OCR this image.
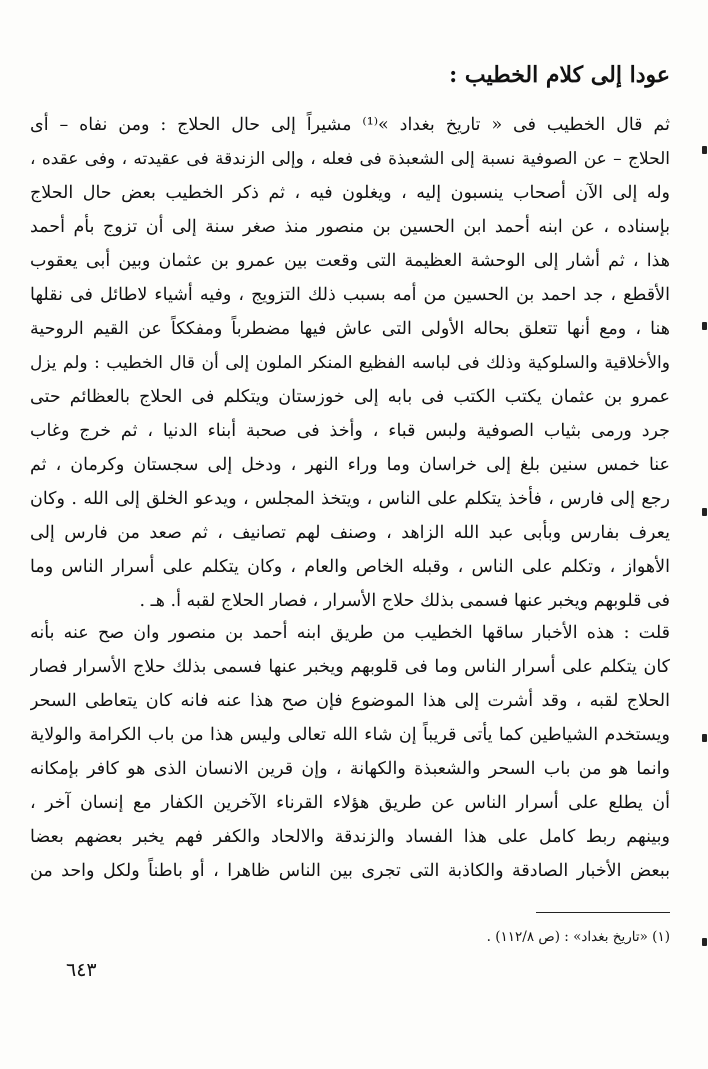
عودا إلى كلام الخطيب :
ثم قال الخطيب فى « تاريخ بغداد »⁽¹⁾ مشيراً إلى حال الحلاج : ومن نفاه – أى
الحلاج – عن الصوفية نسبة إلى الشعبذة فى فعله ، وإلى الزندقة فى عقيدته ، وفى عقده ،
وله إلى الآن أصحاب ينسبون إليه ، ويغلون فيه ، ثم ذكر الخطيب بعض حال الحلاج
بإسناده ، عن ابنه أحمد ابن الحسين بن منصور منذ صغر سنة إلى أن تزوج بأم أحمد
هذا ، ثم أشار إلى الوحشة العظيمة التى وقعت بين عمرو بن عثمان وبين أبى يعقوب
الأقطع ، جد احمد بن الحسين من أمه بسبب ذلك التزويج ، وفيه أشياء لاطائل فى نقلها
هنا ، ومع أنها تتعلق بحاله الأولى التى عاش فيها مضطرباً ومفككاً عن القيم الروحية
والأخلاقية والسلوكية وذلك فى لباسه الفظيع المنكر الملون إلى أن قال الخطيب : ولم يزل
عمرو بن عثمان يكتب الكتب فى بابه إلى خوزستان ويتكلم فى الحلاج بالعظائم حتى
جرد ورمى بثياب الصوفية ولبس قباء ، وأخذ فى صحبة أبناء الدنيا ، ثم خرج وغاب
عنا خمس سنين بلغ إلى خراسان وما وراء النهر ، ودخل إلى سجستان وكرمان ، ثم
رجع إلى فارس ، فأخذ يتكلم على الناس ، ويتخذ المجلس ، ويدعو الخلق إلى الله . وكان
يعرف بفارس وبأبى عبد الله الزاهد ، وصنف لهم تصانيف ، ثم صعد من فارس إلى
الأهواز ، وتكلم على الناس ، وقبله الخاص والعام ، وكان يتكلم على أسرار الناس وما
فى قلوبهم ويخبر عنها فسمى بذلك حلاج الأسرار ، فصار الحلاج لقبه أ. هـ .
قلت : هذه الأخبار ساقها الخطيب من طريق ابنه أحمد بن منصور وان صح عنه بأنه
كان يتكلم على أسرار الناس وما فى قلوبهم ويخبر عنها فسمى بذلك حلاج الأسرار فصار
الحلاج لقبه ، وقد أشرت إلى هذا الموضوع فإن صح هذا عنه فانه كان يتعاطى السحر
ويستخدم الشياطين كما يأتى قريباً إن شاء الله تعالى وليس هذا من باب الكرامة والولاية
وانما هو من باب السحر والشعبذة والكهانة ، وإن قرين الانسان الذى هو كافر بإمكانه
أن يطلع على أسرار الناس عن طريق هؤلاء القرناء الآخرين الكفار مع إنسان آخر ،
وبينهم ربط كامل على هذا الفساد والزندقة والالحاد والكفر فهم يخبر بعضهم بعضا
ببعض الأخبار الصادقة والكاذبة التى تجرى بين الناس ظاهرا ، أو باطناً ولكل واحد من
(١) «تاريخ بغداد» : (ص ١١٢/٨) .
٦٤٣
